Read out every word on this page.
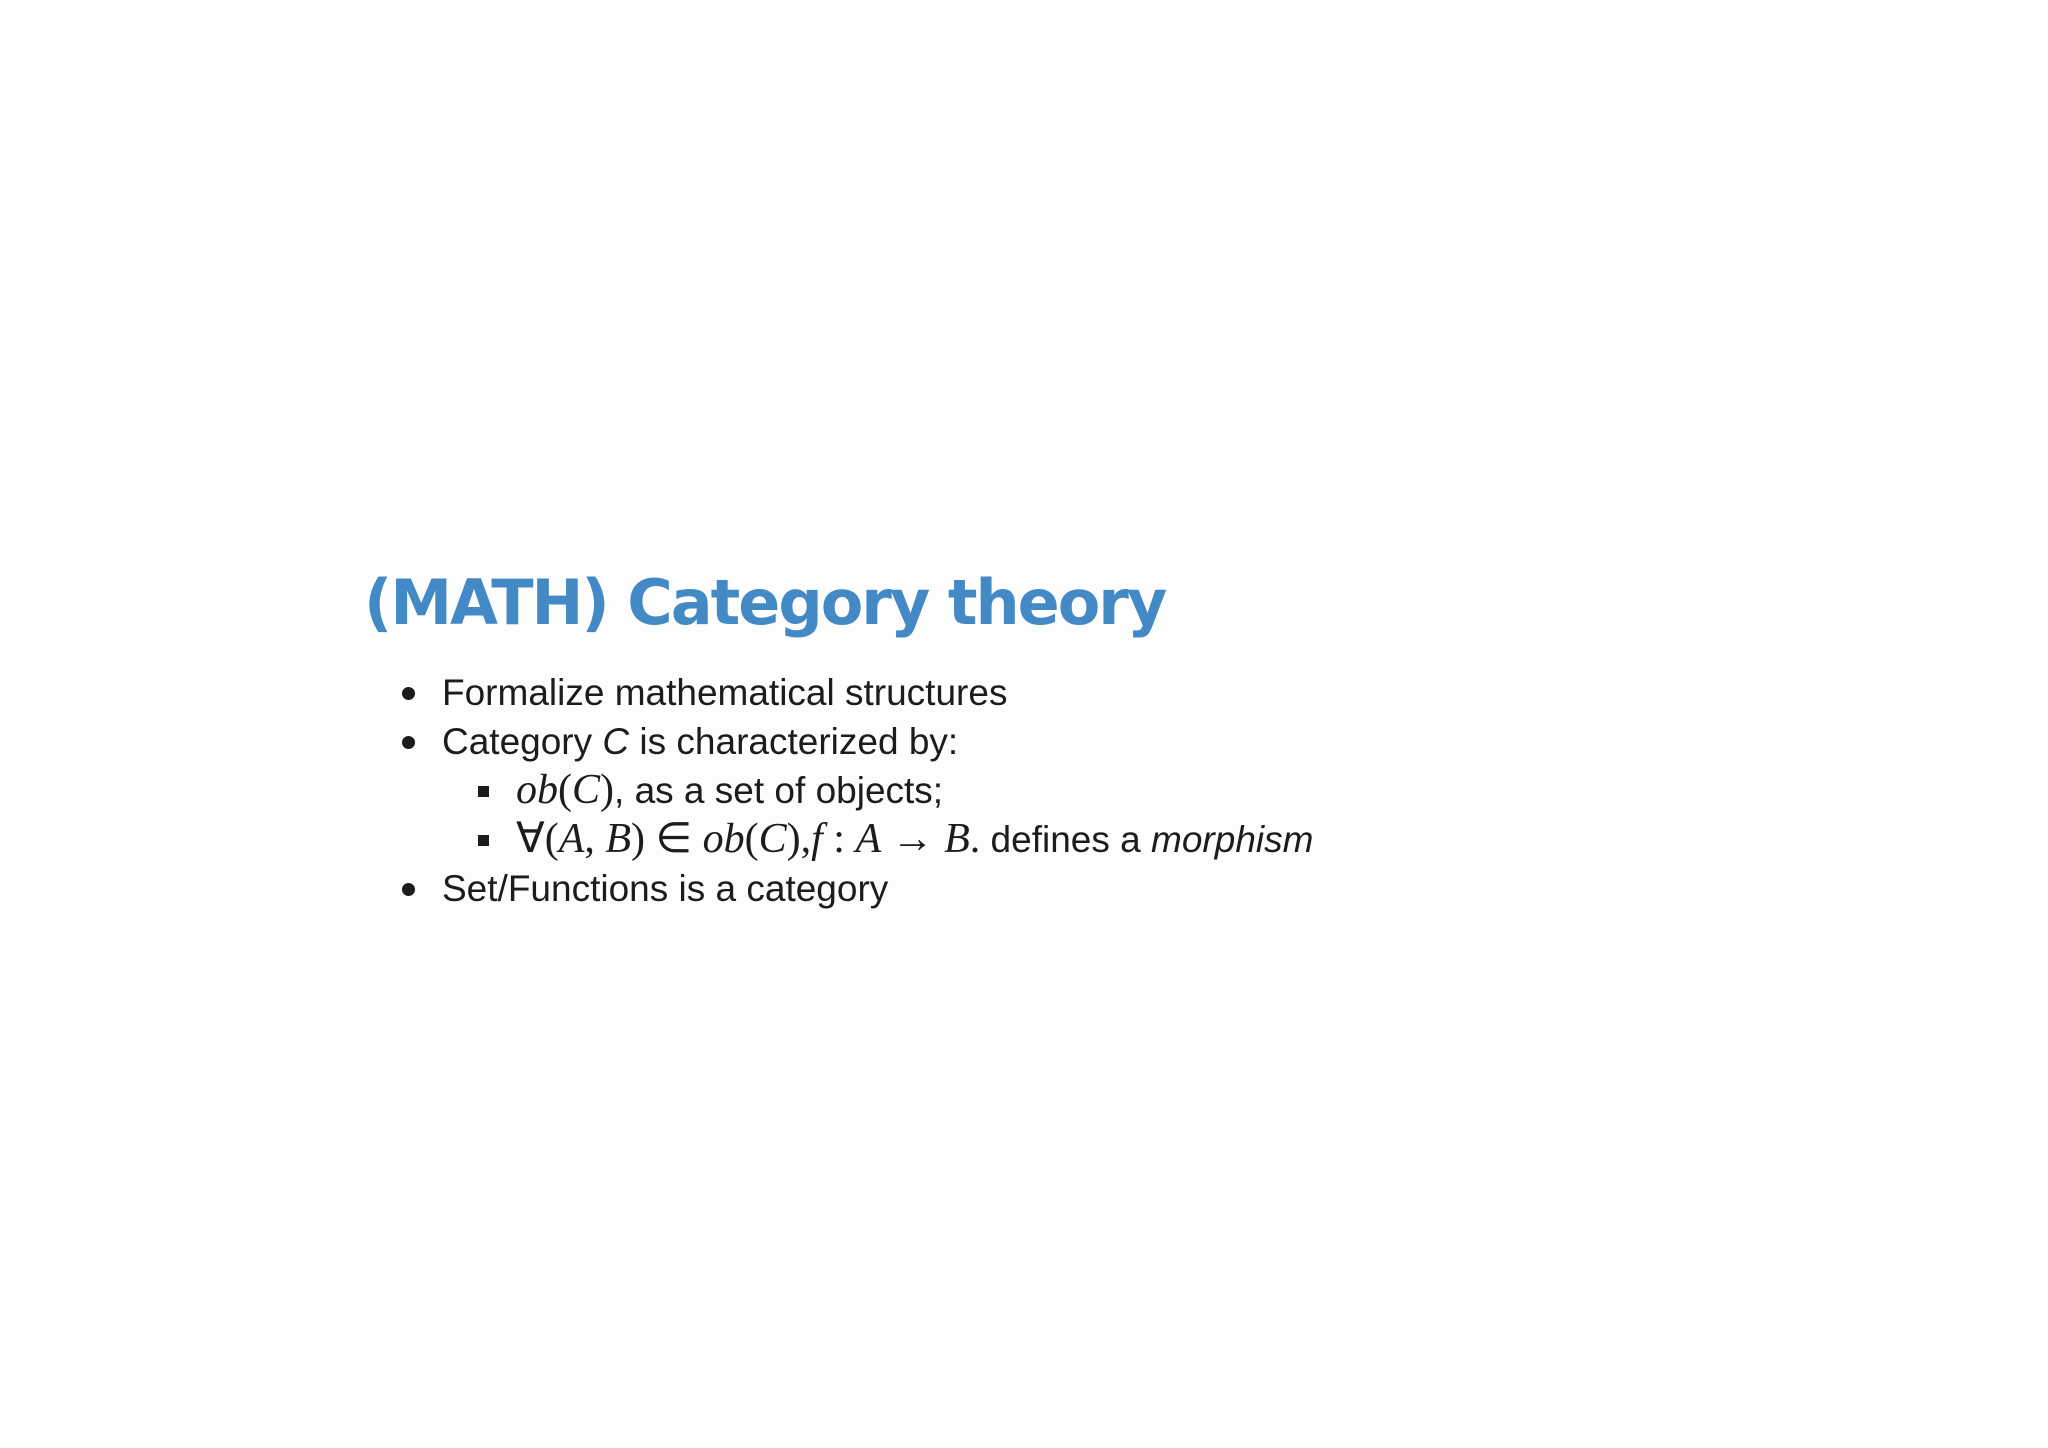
(MATH) Category theory
Formalize mathematical structures
Category C is characterized by:
ob(C), as a set of objects;
∀(A, B) ∈ ob(C),f : A → B. defines a morphism
Set/Functions is a category
